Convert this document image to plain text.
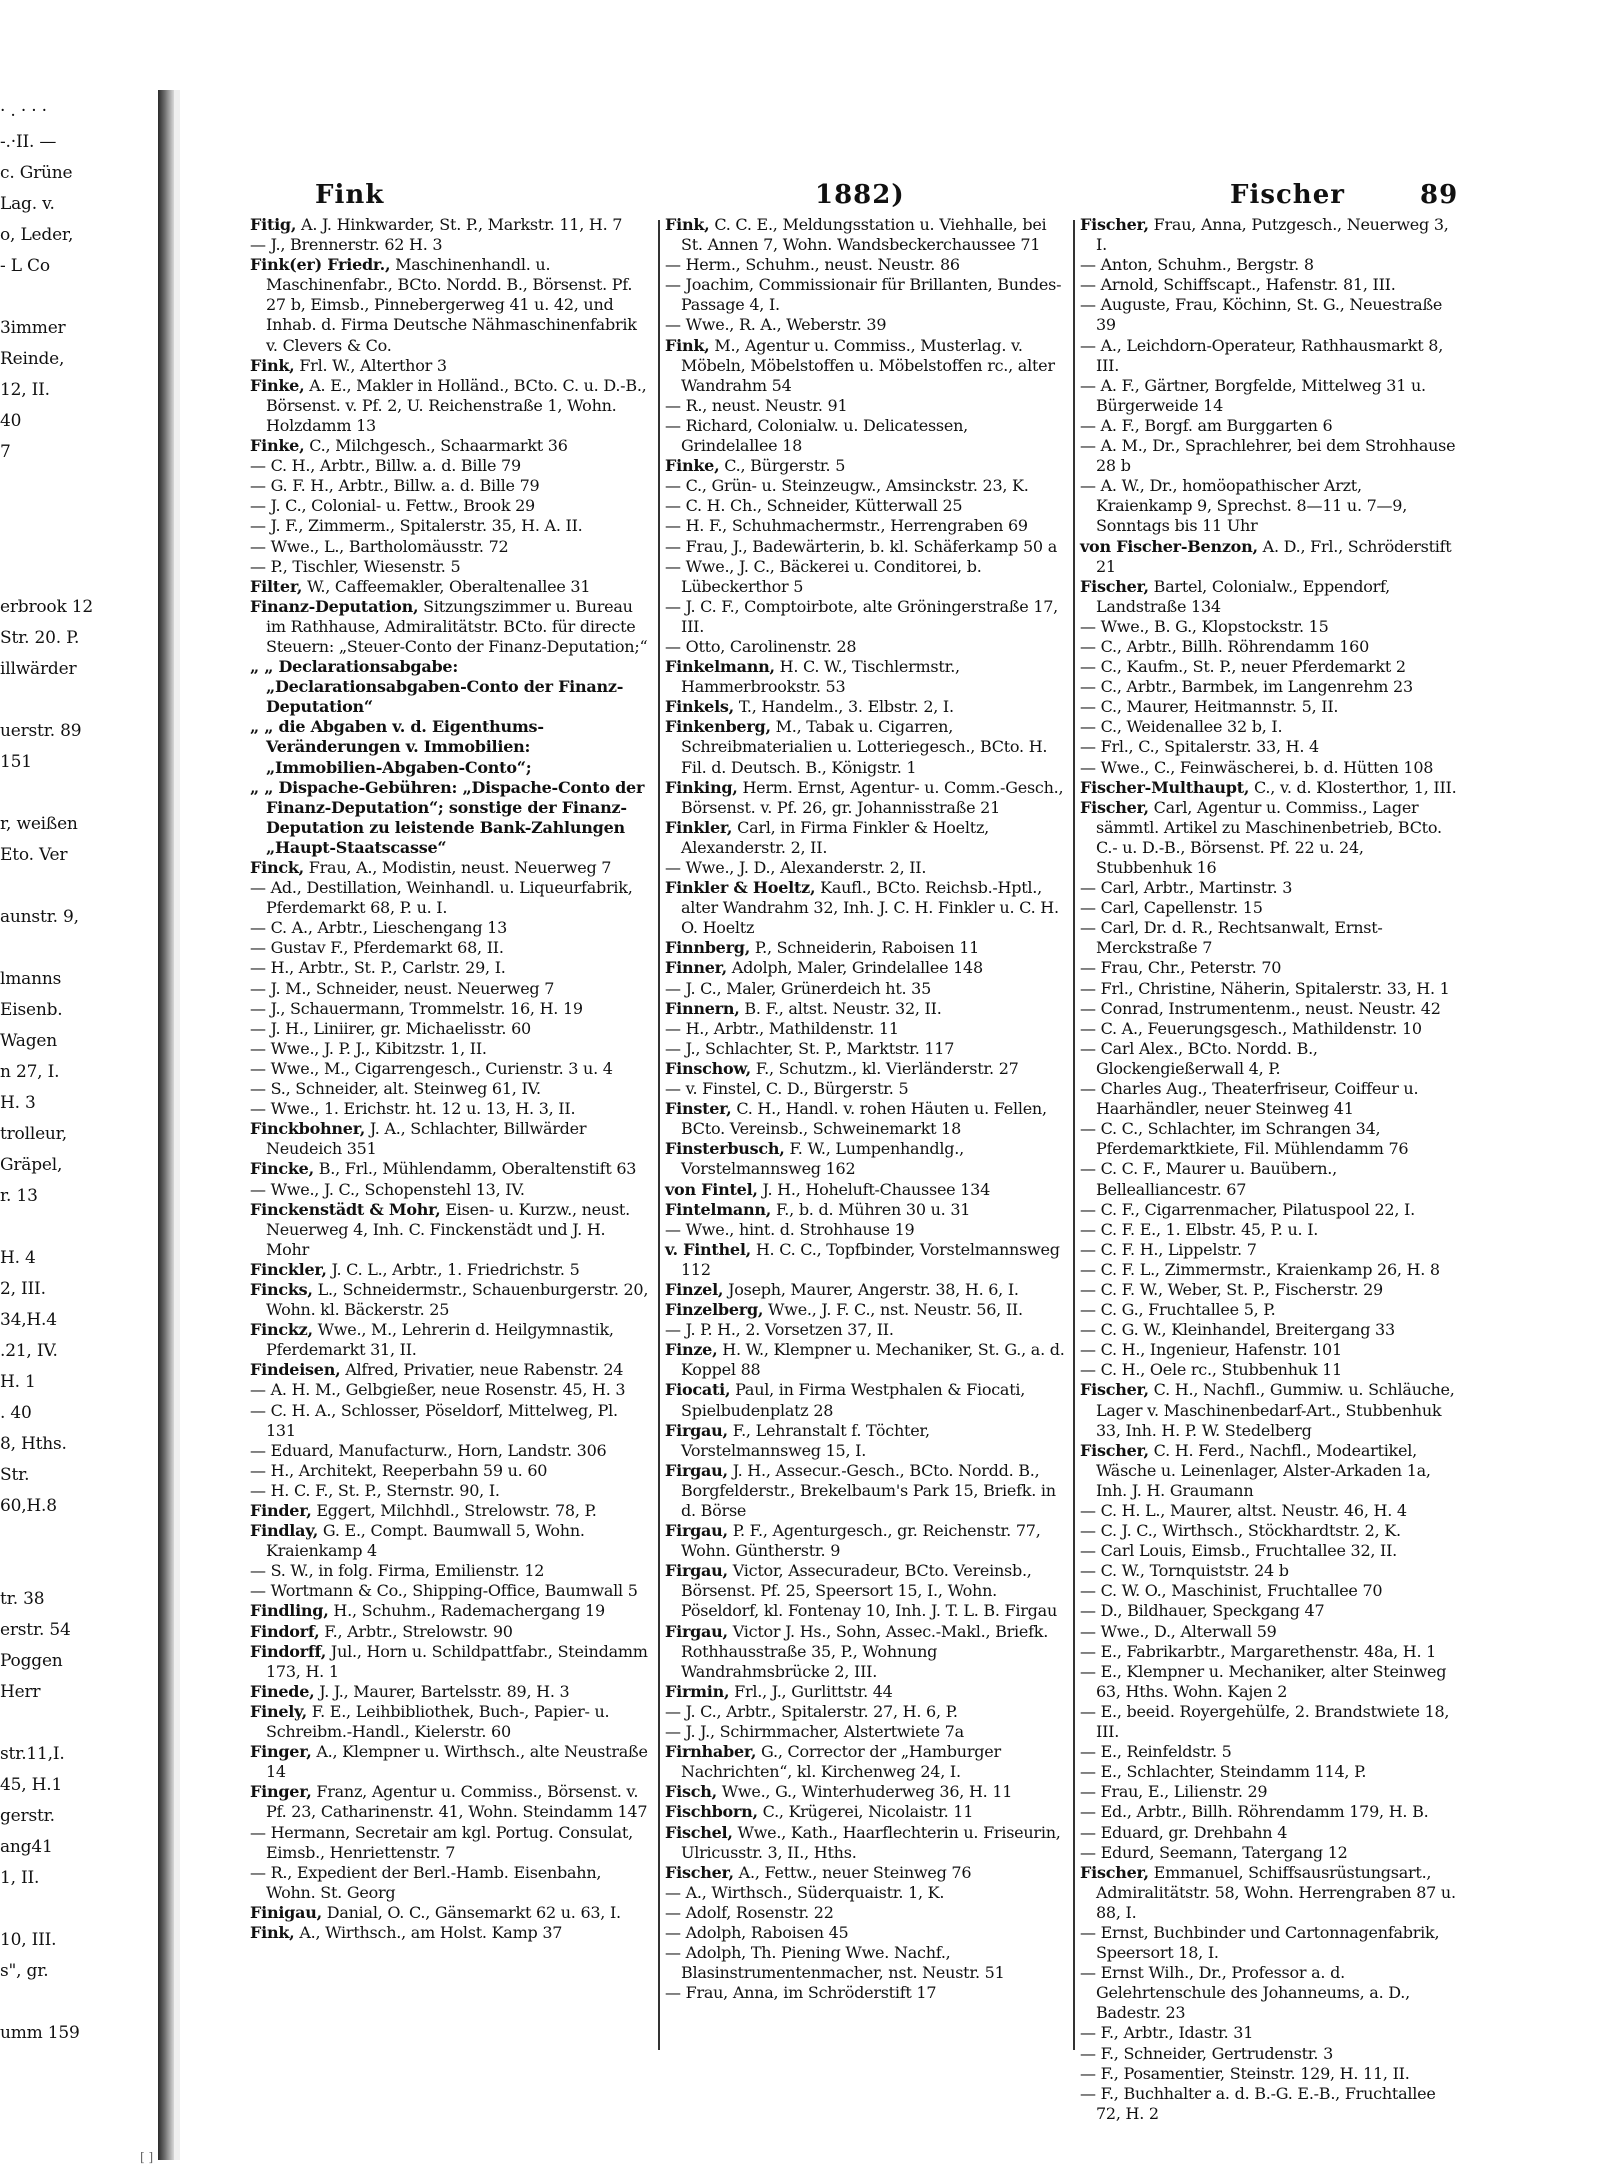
· . · · ·
-.·II. —
c. Grüne
Lag. v.
o, Leder,
- L Co
3immer
Reinde,
12, II.
40
7
erbrook 12
Str. 20. P.
illwärder
uerstr. 89
151
r, weißen
Eto. Ver
aunstr. 9,
lmanns
Eisenb.
Wagen
n 27, I.
H. 3
trolleur,
Gräpel,
r. 13
H. 4
2, III.
34,H.4
.21, IV.
H. 1
. 40
8, Hths.
Str.
60,H.8
tr. 38
erstr. 54
Poggen
Herr
str.11,I.
45, H.1
gerstr.
ang41
1, II.
10, III.
s", gr.
umm 159
Fink	1882)	Fischer	89

Fitig, A. J. Hinkwarder, St. P., Markstr. 11, H. 7

— J., Brennerstr. 62 H. 3

Fink(er) Friedr., Maschinenhandl. u. Maschinenfabr., BCto. Nordd. B., Börsenst. Pf. 27 b, Eimsb., Pinnebergerweg 41 u. 42, und Inhab. d. Firma Deutsche Nähmaschinenfabrik v. Clevers & Co.

Fink, Frl. W., Alterthor 3

Finke, A. E., Makler in Holländ., BCto. C. u. D.-B., Börsenst. v. Pf. 2, U. Reichenstraße 1, Wohn. Holzdamm 13

Finke, C., Milchgesch., Schaarmarkt 36

— C. H., Arbtr., Billw. a. d. Bille 79

— G. F. H., Arbtr., Billw. a. d. Bille 79

— J. C., Colonial- u. Fettw., Brook 29

— J. F., Zimmerm., Spitalerstr. 35, H. A. II.

— Wwe., L., Bartholomäusstr. 72

— P., Tischler, Wiesenstr. 5

Filter, W., Caffeemakler, Oberaltenallee 31

Finanz-Deputation, Sitzungszimmer u. Bureau im Rathhause, Admiralitätstr. BCto. für directe Steuern: „Steuer-Conto der Finanz-Deputation;“

„ „ Declarationsabgabe: „Declarationsabgaben-Conto der Finanz-Deputation“

„ „ die Abgaben v. d. Eigenthums-Veränderungen v. Immobilien: „Immobilien-Abgaben-Conto“;

„ „ Dispache-Gebühren: „Dispache-Conto der Finanz-Deputation“; sonstige der Finanz-Deputation zu leistende Bank-Zahlungen „Haupt-Staatscasse“

Finck, Frau, A., Modistin, neust. Neuerweg 7

— Ad., Destillation, Weinhandl. u. Liqueurfabrik, Pferdemarkt 68, P. u. I.

— C. A., Arbtr., Lieschengang 13

— Gustav F., Pferdemarkt 68, II.

— H., Arbtr., St. P., Carlstr. 29, I.

— J. M., Schneider, neust. Neuerweg 7

— J., Schauermann, Trommelstr. 16, H. 19

— J. H., Liniirer, gr. Michaelisstr. 60

— Wwe., J. P. J., Kibitzstr. 1, II.

— Wwe., M., Cigarrengesch., Curienstr. 3 u. 4

— S., Schneider, alt. Steinweg 61, IV.

— Wwe., 1. Erichstr. ht. 12 u. 13, H. 3, II.

Finckbohner, J. A., Schlachter, Billwärder Neudeich 351

Fincke, B., Frl., Mühlendamm, Oberaltenstift 63

— Wwe., J. C., Schopenstehl 13, IV.

Finckenstädt & Mohr, Eisen- u. Kurzw., neust. Neuerweg 4, Inh. C. Finckenstädt und J. H. Mohr

Finckler, J. C. L., Arbtr., 1. Friedrichstr. 5

Fincks, L., Schneidermstr., Schauenburgerstr. 20, Wohn. kl. Bäckerstr. 25

Finckz, Wwe., M., Lehrerin d. Heilgymnastik, Pferdemarkt 31, II.

Findeisen, Alfred, Privatier, neue Rabenstr. 24

— A. H. M., Gelbgießer, neue Rosenstr. 45, H. 3

— C. H. A., Schlosser, Pöseldorf, Mittelweg, Pl. 131

— Eduard, Manufacturw., Horn, Landstr. 306

— H., Architekt, Reeperbahn 59 u. 60

— H. C. F., St. P., Sternstr. 90, I.

Finder, Eggert, Milchhdl., Strelowstr. 78, P.

Findlay, G. E., Compt. Baumwall 5, Wohn. Kraienkamp 4

— S. W., in folg. Firma, Emilienstr. 12

— Wortmann & Co., Shipping-Office, Baumwall 5

Findling, H., Schuhm., Rademachergang 19

Findorf, F., Arbtr., Strelowstr. 90

Findorff, Jul., Horn u. Schildpattfabr., Steindamm 173, H. 1

Finede, J. J., Maurer, Bartelsstr. 89, H. 3

Finely, F. E., Leihbibliothek, Buch-, Papier- u. Schreibm.-Handl., Kielerstr. 60

Finger, A., Klempner u. Wirthsch., alte Neustraße 14

Finger, Franz, Agentur u. Commiss., Börsenst. v. Pf. 23, Catharinenstr. 41, Wohn. Steindamm 147

— Hermann, Secretair am kgl. Portug. Consulat, Eimsb., Henriettenstr. 7

— R., Expedient der Berl.-Hamb. Eisenbahn, Wohn. St. Georg

Finigau, Danial, O. C., Gänsemarkt 62 u. 63, I.

Fink, A., Wirthsch., am Holst. Kamp 37

Fink, C. C. E., Meldungsstation u. Viehhalle, bei St. Annen 7, Wohn. Wandsbeckerchaussee 71

— Herm., Schuhm., neust. Neustr. 86

— Joachim, Commissionair für Brillanten, Bundes-Passage 4, I.

— Wwe., R. A., Weberstr. 39

Fink, M., Agentur u. Commiss., Musterlag. v. Möbeln, Möbelstoffen u. Möbelstoffen rc., alter Wandrahm 54

— R., neust. Neustr. 91

— Richard, Colonialw. u. Delicatessen, Grindelallee 18

Finke, C., Bürgerstr. 5

— C., Grün- u. Steinzeugw., Amsinckstr. 23, K.

— C. H. Ch., Schneider, Kütterwall 25

— H. F., Schuhmachermstr., Herrengraben 69

— Frau, J., Badewärterin, b. kl. Schäferkamp 50 a

— Wwe., J. C., Bäckerei u. Conditorei, b. Lübeckerthor 5

— J. C. F., Comptoirbote, alte Gröningerstraße 17, III.

— Otto, Carolinenstr. 28

Finkelmann, H. C. W., Tischlermstr., Hammerbrookstr. 53

Finkels, T., Handelm., 3. Elbstr. 2, I.

Finkenberg, M., Tabak u. Cigarren, Schreibmaterialien u. Lotteriegesch., BCto. H. Fil. d. Deutsch. B., Königstr. 1

Finking, Herm. Ernst, Agentur- u. Comm.-Gesch., Börsenst. v. Pf. 26, gr. Johannisstraße 21

Finkler, Carl, in Firma Finkler & Hoeltz, Alexanderstr. 2, II.

— Wwe., J. D., Alexanderstr. 2, II.

Finkler & Hoeltz, Kaufl., BCto. Reichsb.-Hptl., alter Wandrahm 32, Inh. J. C. H. Finkler u. C. H. O. Hoeltz

Finnberg, P., Schneiderin, Raboisen 11

Finner, Adolph, Maler, Grindelallee 148

— J. C., Maler, Grünerdeich ht. 35

Finnern, B. F., altst. Neustr. 32, II.

— H., Arbtr., Mathildenstr. 11

— J., Schlachter, St. P., Marktstr. 117

Finschow, F., Schutzm., kl. Vierländerstr. 27

— v. Finstel, C. D., Bürgerstr. 5

Finster, C. H., Handl. v. rohen Häuten u. Fellen, BCto. Vereinsb., Schweinemarkt 18

Finsterbusch, F. W., Lumpenhandlg., Vorstelmannsweg 162

von Fintel, J. H., Hoheluft-Chaussee 134

Fintelmann, F., b. d. Mühren 30 u. 31

— Wwe., hint. d. Strohhause 19

v. Finthel, H. C. C., Topfbinder, Vorstelmannsweg 112

Finzel, Joseph, Maurer, Angerstr. 38, H. 6, I.

Finzelberg, Wwe., J. F. C., nst. Neustr. 56, II.

— J. P. H., 2. Vorsetzen 37, II.

Finze, H. W., Klempner u. Mechaniker, St. G., a. d. Koppel 88

Fiocati, Paul, in Firma Westphalen & Fiocati, Spielbudenplatz 28

Firgau, F., Lehranstalt f. Töchter, Vorstelmannsweg 15, I.

Firgau, J. H., Assecur.-Gesch., BCto. Nordd. B., Borgfelderstr., Brekelbaum's Park 15, Briefk. in d. Börse

Firgau, P. F., Agenturgesch., gr. Reichenstr. 77, Wohn. Güntherstr. 9

Firgau, Victor, Assecuradeur, BCto. Vereinsb., Börsenst. Pf. 25, Speersort 15, I., Wohn. Pöseldorf, kl. Fontenay 10, Inh. J. T. L. B. Firgau

Firgau, Victor J. Hs., Sohn, Assec.-Makl., Briefk. Rothhausstraße 35, P., Wohnung Wandrahmsbrücke 2, III.

Firmin, Frl., J., Gurlittstr. 44

— J. C., Arbtr., Spitalerstr. 27, H. 6, P.

— J. J., Schirmmacher, Alstertwiete 7a

Firnhaber, G., Corrector der „Hamburger Nachrichten“, kl. Kirchenweg 24, I.

Fisch, Wwe., G., Winterhuderweg 36, H. 11

Fischborn, C., Krügerei, Nicolaistr. 11

Fischel, Wwe., Kath., Haarflechterin u. Friseurin, Ulricusstr. 3, II., Hths.

Fischer, A., Fettw., neuer Steinweg 76

— A., Wirthsch., Süderquaistr. 1, K.

— Adolf, Rosenstr. 22

— Adolph, Raboisen 45

— Adolph, Th. Piening Wwe. Nachf., Blasinstrumentenmacher, nst. Neustr. 51

— Frau, Anna, im Schröderstift 17

Fischer, Frau, Anna, Putzgesch., Neuerweg 3, I.

— Anton, Schuhm., Bergstr. 8

— Arnold, Schiffscapt., Hafenstr. 81, III.

— Auguste, Frau, Köchinn, St. G., Neuestraße 39

— A., Leichdorn-Operateur, Rathhausmarkt 8, III.

— A. F., Gärtner, Borgfelde, Mittelweg 31 u. Bürgerweide 14

— A. F., Borgf. am Burggarten 6

— A. M., Dr., Sprachlehrer, bei dem Strohhause 28 b

— A. W., Dr., homöopathischer Arzt, Kraienkamp 9, Sprechst. 8—11 u. 7—9, Sonntags bis 11 Uhr

von Fischer-Benzon, A. D., Frl., Schröderstift 21

Fischer, Bartel, Colonialw., Eppendorf, Landstraße 134

— Wwe., B. G., Klopstockstr. 15

— C., Arbtr., Billh. Röhrendamm 160

— C., Kaufm., St. P., neuer Pferdemarkt 2

— C., Arbtr., Barmbek, im Langenrehm 23

— C., Maurer, Heitmannstr. 5, II.

— C., Weidenallee 32 b, I.

— Frl., C., Spitalerstr. 33, H. 4

— Wwe., C., Feinwäscherei, b. d. Hütten 108

Fischer-Multhaupt, C., v. d. Klosterthor, 1, III.

Fischer, Carl, Agentur u. Commiss., Lager sämmtl. Artikel zu Maschinenbetrieb, BCto. C.- u. D.-B., Börsenst. Pf. 22 u. 24, Stubbenhuk 16

— Carl, Arbtr., Martinstr. 3

— Carl, Capellenstr. 15

— Carl, Dr. d. R., Rechtsanwalt, Ernst-Merckstraße 7

— Frau, Chr., Peterstr. 70

— Frl., Christine, Näherin, Spitalerstr. 33, H. 1

— Conrad, Instrumentenm., neust. Neustr. 42

— C. A., Feuerungsgesch., Mathildenstr. 10

— Carl Alex., BCto. Nordd. B., Glockengießerwall 4, P.

— Charles Aug., Theaterfriseur, Coiffeur u. Haarhändler, neuer Steinweg 41

— C. C., Schlachter, im Schrangen 34, Pferdemarktkiete, Fil. Mühlendamm 76

— C. C. F., Maurer u. Bauübern., Bellealliancestr. 67

— C. F., Cigarrenmacher, Pilatuspool 22, I.

— C. F. E., 1. Elbstr. 45, P. u. I.

— C. F. H., Lippelstr. 7

— C. F. L., Zimmermstr., Kraienkamp 26, H. 8

— C. F. W., Weber, St. P., Fischerstr. 29

— C. G., Fruchtallee 5, P.

— C. G. W., Kleinhandel, Breitergang 33

— C. H., Ingenieur, Hafenstr. 101

— C. H., Oele rc., Stubbenhuk 11

Fischer, C. H., Nachfl., Gummiw. u. Schläuche, Lager v. Maschinenbedarf-Art., Stubbenhuk 33, Inh. H. P. W. Stedelberg

Fischer, C. H. Ferd., Nachfl., Modeartikel, Wäsche u. Leinenlager, Alster-Arkaden 1a, Inh. J. H. Graumann

— C. H. L., Maurer, altst. Neustr. 46, H. 4

— C. J. C., Wirthsch., Stöckhardtstr. 2, K.

— Carl Louis, Eimsb., Fruchtallee 32, II.

— C. W., Tornquiststr. 24 b

— C. W. O., Maschinist, Fruchtallee 70

— D., Bildhauer, Speckgang 47

— Wwe., D., Alterwall 59

— E., Fabrikarbtr., Margarethenstr. 48a, H. 1

— E., Klempner u. Mechaniker, alter Steinweg 63, Hths. Wohn. Kajen 2

— E., beeid. Royergehülfe, 2. Brandstwiete 18, III.

— E., Reinfeldstr. 5

— E., Schlachter, Steindamm 114, P.

— Frau, E., Lilienstr. 29

— Ed., Arbtr., Billh. Röhrendamm 179, H. B.

— Eduard, gr. Drehbahn 4

— Edurd, Seemann, Tatergang 12

Fischer, Emmanuel, Schiffsausrüstungsart., Admiralitätstr. 58, Wohn. Herrengraben 87 u. 88, I.

— Ernst, Buchbinder und Cartonnagenfabrik, Speersort 18, I.

— Ernst Wilh., Dr., Professor a. d. Gelehrtenschule des Johanneums, a. D., Badestr. 23

— F., Arbtr., Idastr. 31

— F., Schneider, Gertrudenstr. 3

— F., Posamentier, Steinstr. 129, H. 11, II.

— F., Buchhalter a. d. B.-G. E.-B., Fruchtallee 72, H. 2

[ ]
